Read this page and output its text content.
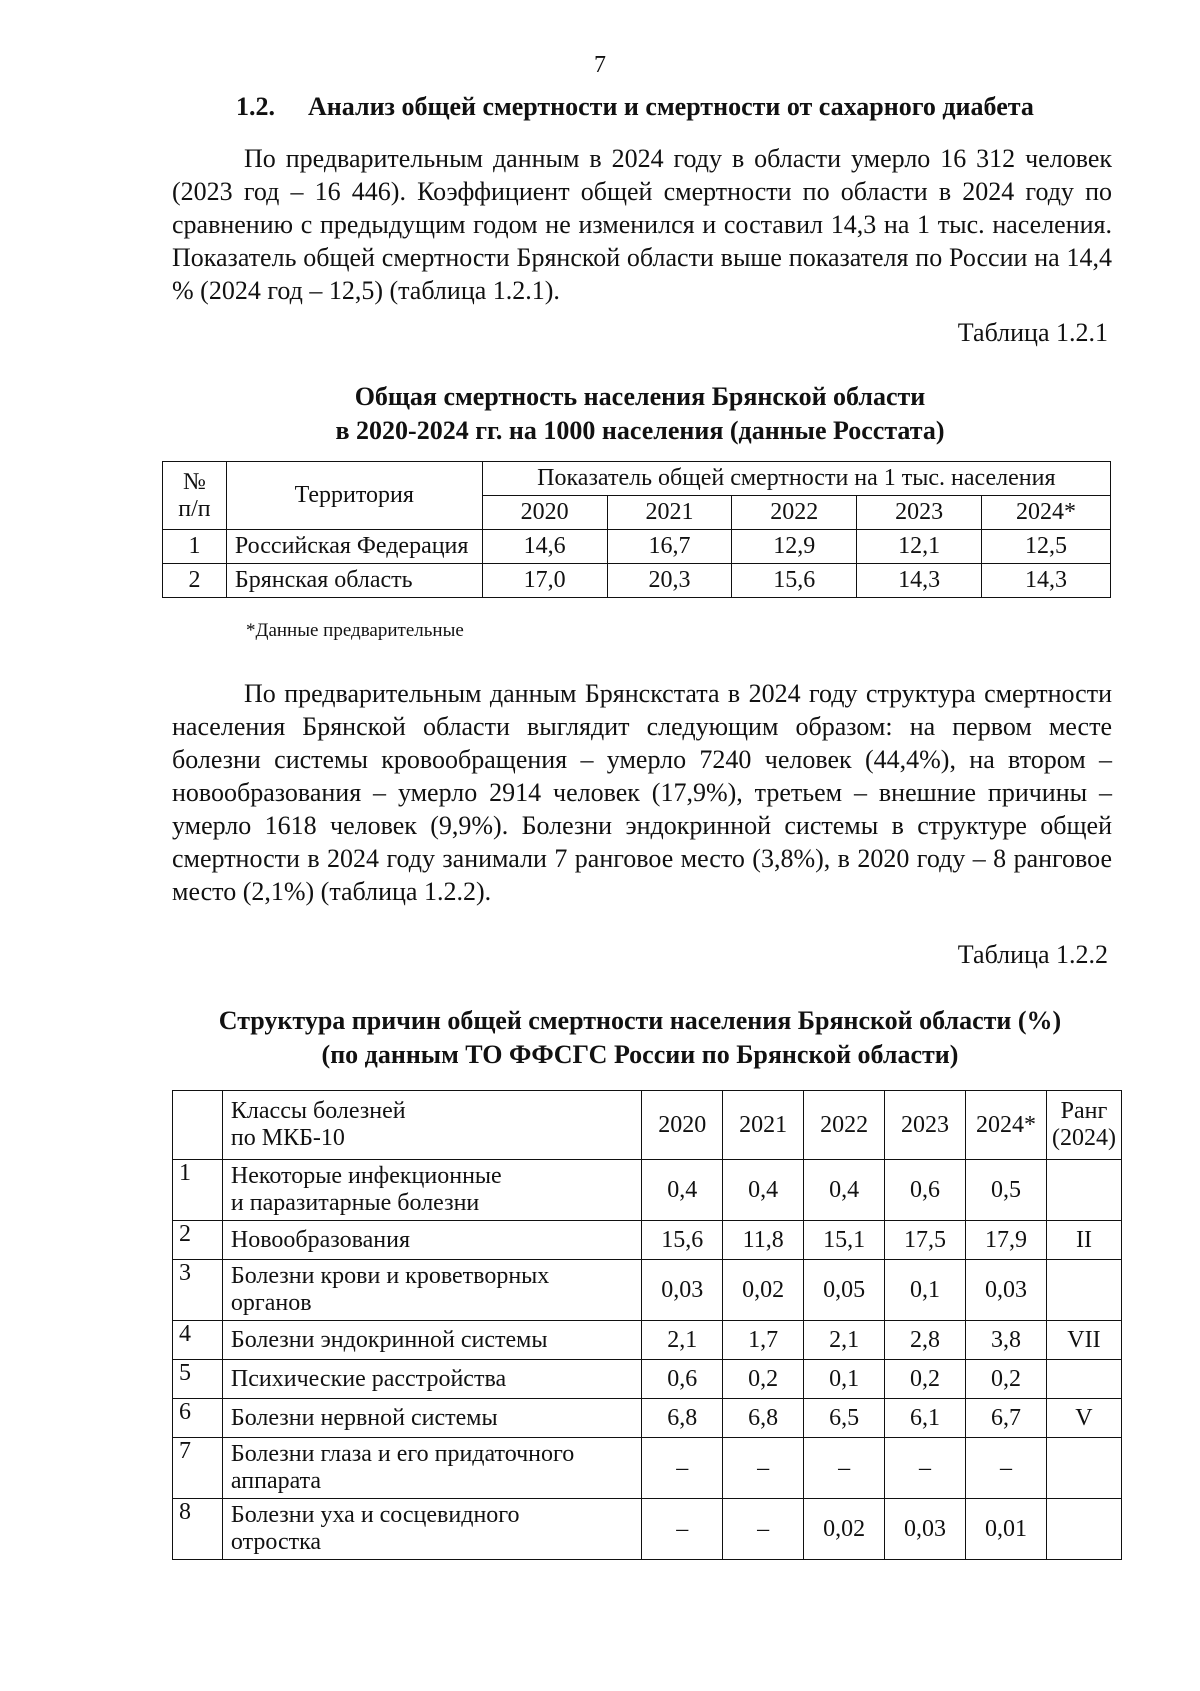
7
1.2. Анализ общей смертности и смертности от сахарного диабета

По предварительным данным в 2024 году в области умерло 16 312 человек (2023 год – 16 446). Коэффициент общей смертности по области в 2024 году по сравнению с предыдущим годом не изменился и составил 14,3 на 1 тыс. населения. Показатель общей смертности Брянской области выше показателя по России на 14,4 % (2024 год – 12,5) (таблица 1.2.1).

Таблица 1.2.1
Общая смертность населения Брянской области
в 2020-2024 гг. на 1000 населения (данные Росстата)
№
п/п	Территория	Показатель общей смертности на 1 тыс. населения				
		2020	2021	2022	2023	2024*
1	Российская Федерация	14,6	16,7	12,9	12,1	12,5
2	Брянская область	17,0	20,3	15,6	14,3	14,3
*Данные предварительные

По предварительным данным Брянскстата в 2024 году структура смертности населения Брянской области выглядит следующим образом: на первом месте болезни системы кровообращения – умерло 7240 человек (44,4%), на втором – новообразования – умерло 2914 человек (17,9%), третьем – внешние причины – умерло 1618 человек (9,9%). Болезни эндокринной системы в структуре общей смертности в 2024 году занимали 7 ранговое место (3,8%), в 2020 году – 8 ранговое место (2,1%) (таблица 1.2.2).

Таблица 1.2.2
Структура причин общей смертности населения Брянской области (%)
(по данным ТО ФФСГС России по Брянской области)
	Классы болезней
по МКБ-10	2020	2021	2022	2023	2024*	Ранг
(2024)
1	Некоторые инфекционные
и паразитарные болезни	0,4	0,4	0,4	0,6	0,5	
2	Новообразования	15,6	11,8	15,1	17,5	17,9	II
3	Болезни крови и кроветворных
органов	0,03	0,02	0,05	0,1	0,03	
4	Болезни эндокринной системы	2,1	1,7	2,1	2,8	3,8	VII
5	Психические расстройства	0,6	0,2	0,1	0,2	0,2	
6	Болезни нервной системы	6,8	6,8	6,5	6,1	6,7	V
7	Болезни глаза и его придаточного
аппарата	–	–	–	–	–	
8	Болезни уха и сосцевидного
отростка	–	–	0,02	0,03	0,01	
